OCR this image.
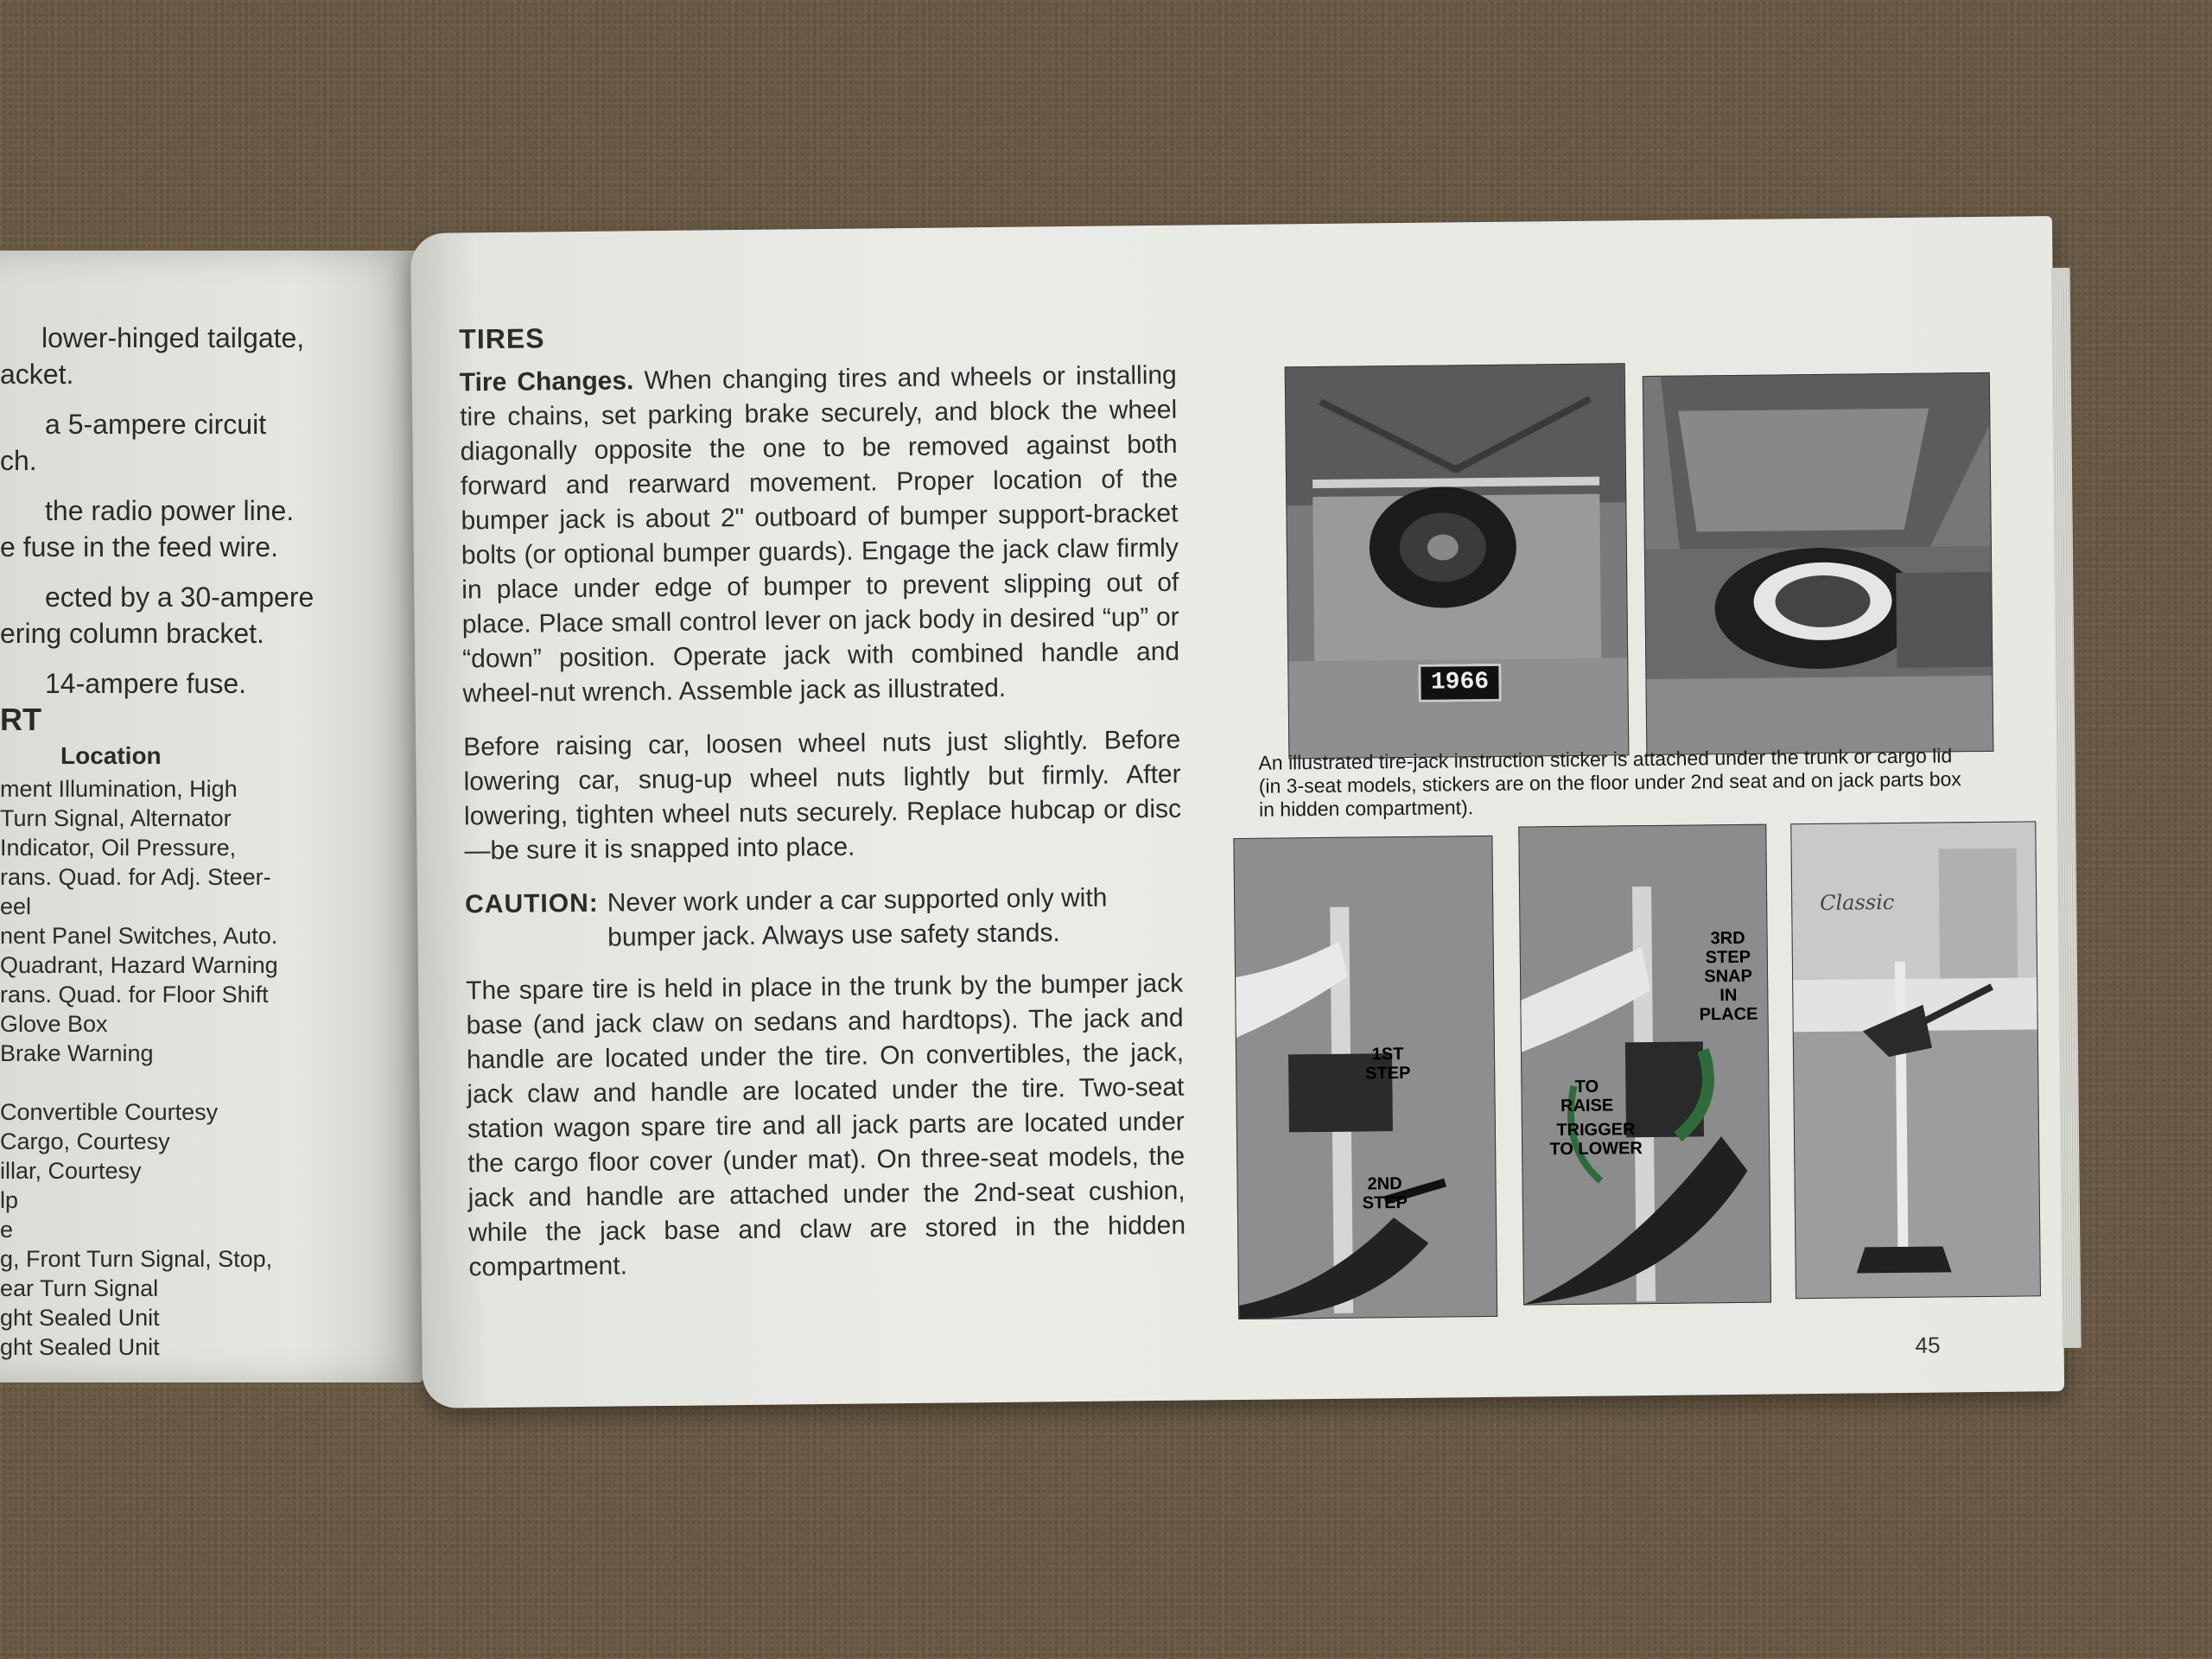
lower-hinged tailgate,

acket.

a 5-ampere circuit

ch.

the radio power line.

e fuse in the feed wire.

ected by a 30-ampere

ering column bracket.

14-ampere fuse.

RT

Location

ment Illumination, High

Turn Signal, Alternator

Indicator, Oil Pressure,

rans. Quad. for Adj. Steer-

eel

nent Panel Switches, Auto.

Quadrant, Hazard Warning

rans. Quad. for Floor Shift

Glove Box

Brake Warning

Convertible Courtesy

Cargo, Courtesy

illar, Courtesy

lp

e

g, Front Turn Signal, Stop,

ear Turn Signal

ght Sealed Unit

ght Sealed Unit

TIRES

Tire Changes. When changing tires and wheels or installing tire chains, set parking brake securely, and block the wheel diagonally opposite the one to be removed against both forward and rearward movement. Proper location of the bumper jack is about 2" outboard of bumper support-bracket bolts (or optional bumper guards). Engage the jack claw firmly in place under edge of bumper to prevent slipping out of place. Place small control lever on jack body in desired “up” or “down” position. Operate jack with combined handle and wheel-nut wrench. Assemble jack as illustrated.

Before raising car, loosen wheel nuts just slightly. Before lowering car, snug-up wheel nuts lightly but firmly. After lowering, tighten wheel nuts securely. Replace hubcap or disc—be sure it is snapped into place.

CAUTION: Never work under a car supported only with bumper jack. Always use safety stands.

The spare tire is held in place in the trunk by the bumper jack base (and jack claw on sedans and hardtops). The jack and handle are located under the tire. On convertibles, the jack, jack claw and handle are located under the tire. Two-seat station wagon spare tire and all jack parts are located under the cargo floor cover (under mat). On three-seat models, the jack and handle are attached under the 2nd-seat cushion, while the jack base and claw are stored in the hidden compartment.

1966
An illustrated tire-jack instruction sticker is attached under the trunk or cargo lid (in 3-seat models, stickers are on the floor under 2nd seat and on jack parts box in hidden compartment).
1ST STEP
2ND STEP
3RD STEP SNAP IN PLACE
TO RAISE
TRIGGER TO LOWER
Classic
45
